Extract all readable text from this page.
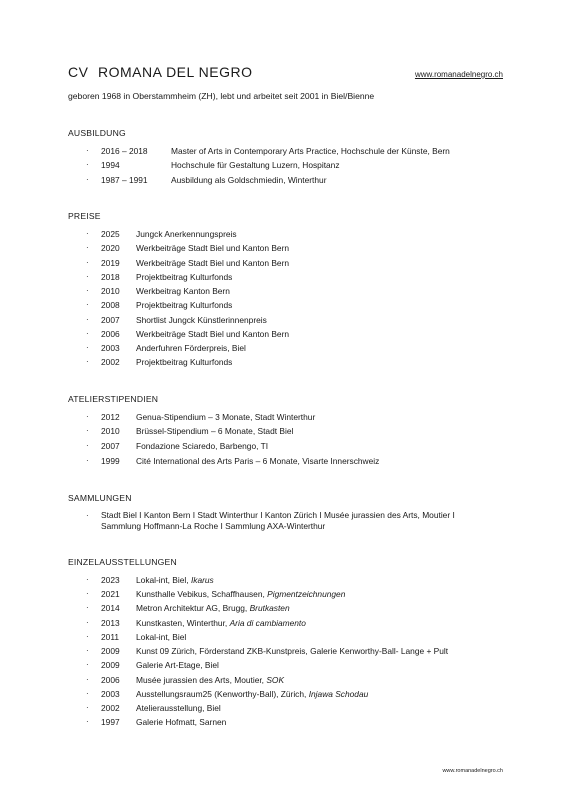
CV ROMANA DEL NEGRO	www.romanadelnegro.ch
geboren 1968 in Oberstammheim (ZH), lebt und arbeitet seit 2001 in Biel/Bienne
AUSBILDUNG
· 2016 – 2018	Master of Arts in Contemporary Arts Practice, Hochschule der Künste, Bern
· 1994	Hochschule für Gestaltung Luzern, Hospitanz
· 1987 – 1991	Ausbildung als Goldschmiedin, Winterthur
PREISE
· 2025 Jungck Anerkennungspreis
· 2020 Werkbeiträge Stadt Biel und Kanton Bern
· 2019 Werkbeiträge Stadt Biel und Kanton Bern
· 2018 Projektbeitrag Kulturfonds
· 2010 Werkbeitrag Kanton Bern
· 2008 Projektbeitrag Kulturfonds
· 2007 Shortlist Jungck Künstlerinnenpreis
· 2006 Werkbeiträge Stadt Biel und Kanton Bern
· 2003 Anderfuhren Förderpreis, Biel
· 2002 Projektbeitrag Kulturfonds
ATELIERSTIPENDIEN
· 2012 Genua-Stipendium – 3 Monate, Stadt Winterthur
· 2010 Brüssel-Stipendium – 6 Monate, Stadt Biel
· 2007 Fondazione Sciaredo, Barbengo, TI
· 1999 Cité International des Arts Paris – 6 Monate, Visarte Innerschweiz
SAMMLUNGEN
· Stadt Biel I Kanton Bern I Stadt Winterthur I Kanton Zürich I Musée jurassien des Arts, Moutier I
Sammlung Hoffmann-La Roche I Sammlung AXA-Winterthur
EINZELAUSSTELLUNGEN
· 2023 Lokal-int, Biel, Ikarus
· 2021 Kunsthalle Vebikus, Schaffhausen, Pigmentzeichnungen
· 2014 Metron Architektur AG, Brugg, Brutkasten
· 2013 Kunstkasten, Winterthur, Aria di cambiamento
· 2011 Lokal-int, Biel
· 2009 Kunst 09 Zürich, Förderstand ZKB-Kunstpreis, Galerie Kenworthy-Ball- Lange + Pult
· 2009 Galerie Art-Etage, Biel
· 2006 Musée jurassien des Arts, Moutier, SOK
· 2003 Ausstellungsraum25 (Kenworthy-Ball), Zürich, Injawa Schodau
· 2002 Atelierausstellung, Biel
· 1997 Galerie Hofmatt, Sarnen
www.romanadelnegro.ch
